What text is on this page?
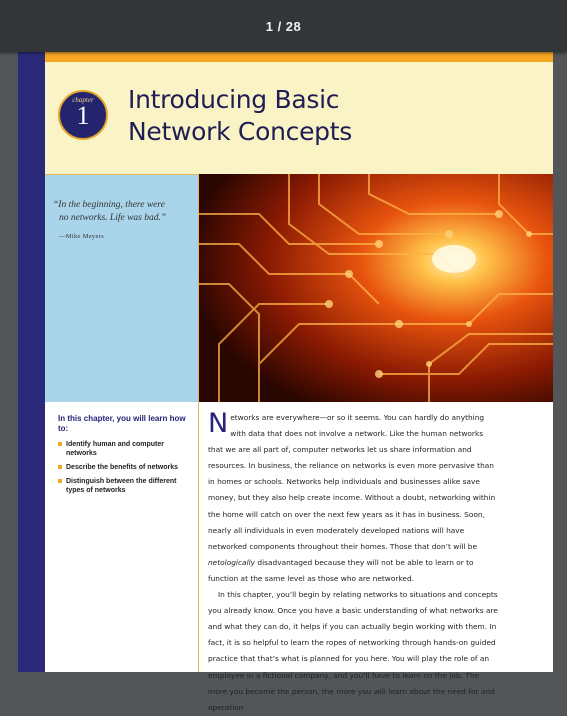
1 / 28
chapter
1
Introducing Basic
Network Concepts
“In the beginning, there were
no networks. Life was bad.”
—Mike Meyers
In this chapter, you will learn how to:
Identify human and computer networks
Describe the benefits of networks
Distinguish between the different types of networks

Networks are everywhere—or so it seems. You can hardly do anything with data that does not involve a network. Like the human networks that we are all part of, computer networks let us share information and resources. In business, the reliance on networks is even more pervasive than in homes or schools. Networks help individuals and businesses alike save money, but they also help create income. Without a doubt, networking within the home will catch on over the next few years as it has in business. Soon, nearly all individuals in even moderately developed nations will have networked components throughout their homes. Those that don’t will be netologically disadvantaged because they will not be able to learn or to function at the same level as those who are networked.

In this chapter, you’ll begin by relating networks to situations and concepts you already know. Once you have a basic understanding of what networks are and what they can do, it helps if you can actually begin working with them. In fact, it is so helpful to learn the ropes of networking through hands-on guided practice that that’s what is planned for you here. You will play the role of an employee in a fictional company, and you’ll have to learn on the job. The more you become the person, the more you will learn about the need for and operation
